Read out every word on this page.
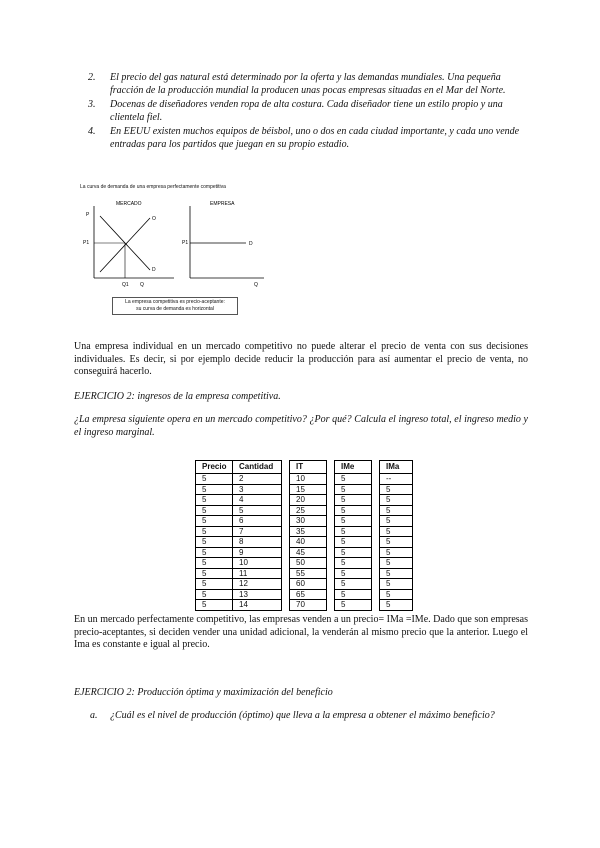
2. El precio del gas natural está determinado por la oferta y las demandas mundiales. Una pequeña fracción de la producción mundial la producen unas pocas empresas situadas en el Mar del Norte.
3. Docenas de diseñadores venden ropa de alta costura. Cada diseñador tiene un estilo propio y una clientela fiel.
4. En EEUU existen muchos equipos de béisbol, uno o dos en cada ciudad importante, y cada uno vende entradas para los partidos que juegan en su propio estadio.
La curva de demanda de una empresa perfectamente competitiva
MERCADO	EMPRESA
P
P1
O
D
Q1 Q
P1	D
Q
La empresa competitiva es precio-aceptante:
su curva de demanda es horizontal
Una empresa individual en un mercado competitivo no puede alterar el precio de venta con sus decisiones individuales. Es decir, si por ejemplo decide reducir la producción para así aumentar el precio de venta, no conseguirá hacerlo.
EJERCICIO 2: ingresos de la empresa competitiva.
¿La empresa siguiente opera en un mercado competitivo? ¿Por qué? Calcula el ingreso total, el ingreso medio y el ingreso marginal.
Precio	Cantidad		IT		IMe		IMa
5	2		10		5		--
5	3		15		5		5
5	4		20		5		5
5	5		25		5		5
5	6		30		5		5
5	7		35		5		5
5	8		40		5		5
5	9		45		5		5
5	10		50		5		5
5	11		55		5		5
5	12		60		5		5
5	13		65		5		5
5	14		70		5		5
En un mercado perfectamente competitivo, las empresas venden a un precio= IMa =IMe. Dado que son empresas precio-aceptantes, si deciden vender una unidad adicional, la venderán al mismo precio que la anterior. Luego el Ima es constante e igual al precio.
EJERCICIO 2: Producción óptima y maximización del beneficio
a. ¿Cuál es el nivel de producción (óptimo) que lleva a la empresa a obtener el máximo beneficio?
